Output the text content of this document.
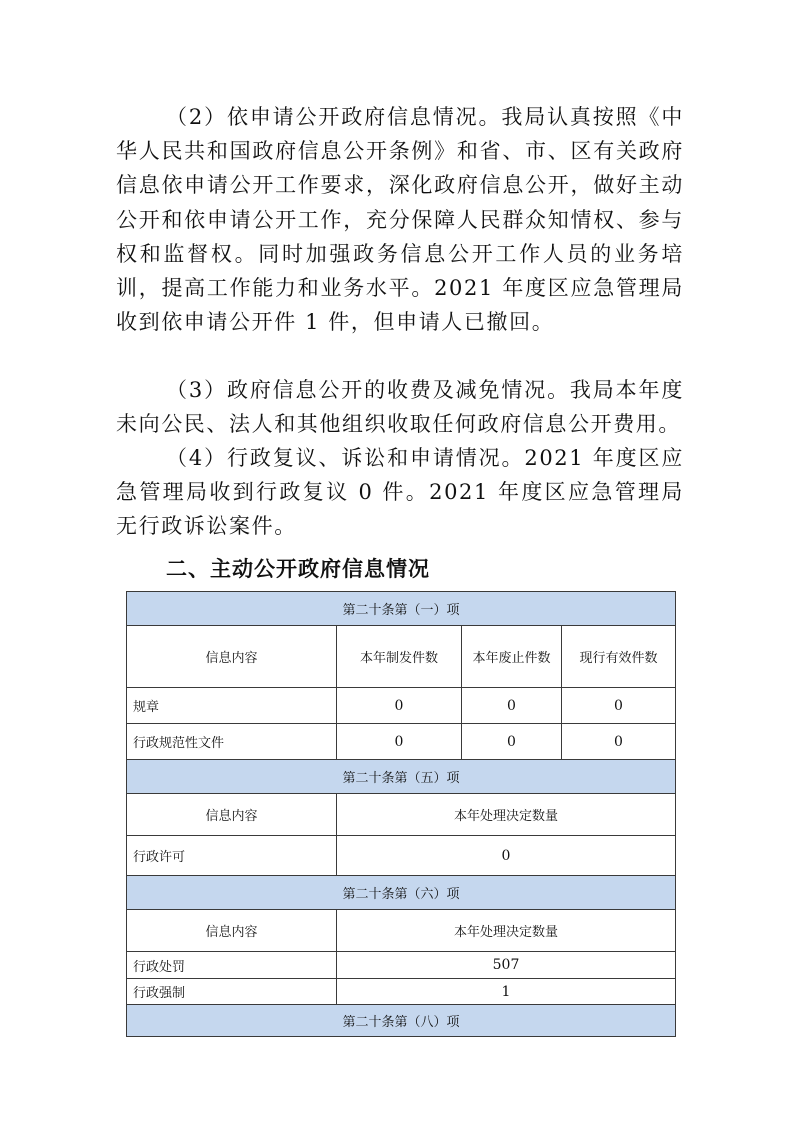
（2）依申请公开政府信息情况。我局认真按照《中华人民共和国政府信息公开条例》和省、市、区有关政府信息依申请公开工作要求，深化政府信息公开，做好主动公开和依申请公开工作，充分保障人民群众知情权、参与权和监督权。同时加强政务信息公开工作人员的业务培训，提高工作能力和业务水平。2021 年度区应急管理局收到依申请公开件 1 件，但申请人已撤回。

（3）政府信息公开的收费及减免情况。我局本年度未向公民、法人和其他组织收取任何政府信息公开费用。

（4）行政复议、诉讼和申请情况。2021 年度区应急管理局收到行政复议 0 件。2021 年度区应急管理局无行政诉讼案件。

二、主动公开政府信息情况
第二十条第（一）项			
信息内容	本年制发件数	本年废止件数	现行有效件数
规章	0	0	0
行政规范性文件	0	0	0
第二十条第（五）项			
信息内容	本年处理决定数量		
行政许可	0		
第二十条第（六）项			
信息内容	本年处理决定数量		
行政处罚	507		
行政强制	1		
第二十条第（八）项			
